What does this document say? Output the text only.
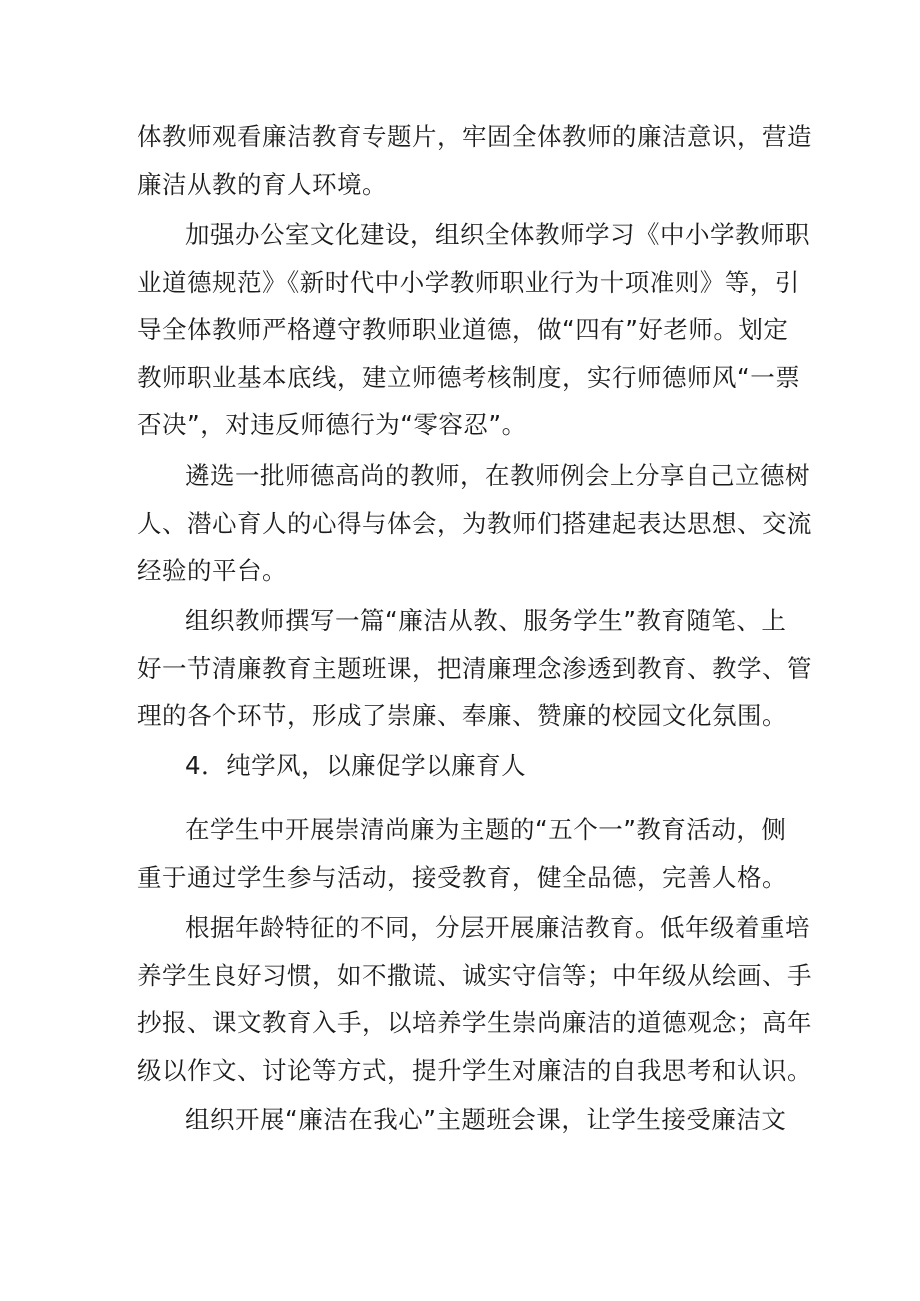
体教师观看廉洁教育专题片，牢固全体教师的廉洁意识，营造
廉洁从教的育人环境。
加强办公室文化建设，组织全体教师学习《中小学教师职
业道德规范》《新时代中小学教师职业行为十项准则》等，引
导全体教师严格遵守教师职业道德，做“四有”好老师。划定
教师职业基本底线，建立师德考核制度，实行师德师风“一票
否决”，对违反师德行为“零容忍”。
遴选一批师德高尚的教师，在教师例会上分享自己立德树
人、潜心育人的心得与体会，为教师们搭建起表达思想、交流
经验的平台。
组织教师撰写一篇“廉洁从教、服务学生”教育随笔、上
好一节清廉教育主题班课，把清廉理念渗透到教育、教学、管
理的各个环节，形成了崇廉、奉廉、赞廉的校园文化氛围。
4．纯学风，以廉促学以廉育人
在学生中开展崇清尚廉为主题的“五个一”教育活动，侧
重于通过学生参与活动，接受教育，健全品德，完善人格。
根据年龄特征的不同，分层开展廉洁教育。低年级着重培
养学生良好习惯，如不撒谎、诚实守信等；中年级从绘画、手
抄报、课文教育入手，以培养学生崇尚廉洁的道德观念；高年
级以作文、讨论等方式，提升学生对廉洁的自我思考和认识。
组织开展“廉洁在我心”主题班会课，让学生接受廉洁文
